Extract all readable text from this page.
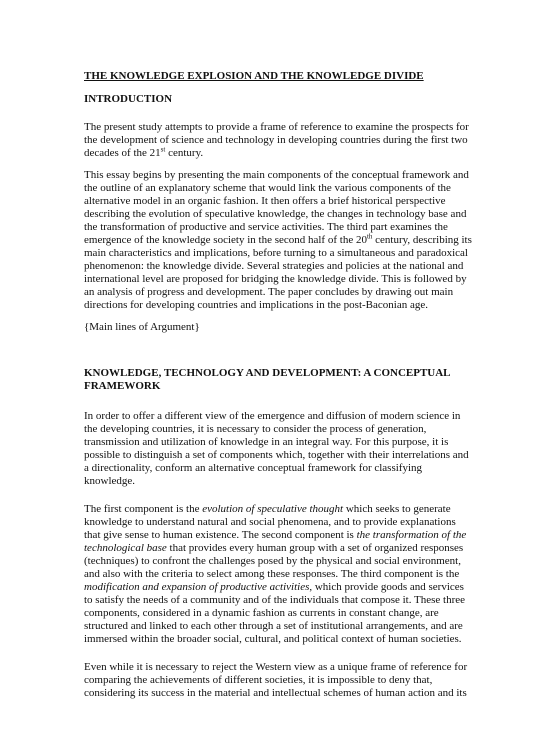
THE KNOWLEDGE EXPLOSION AND THE KNOWLEDGE DIVIDE

INTRODUCTION

The present study attempts to provide a frame of reference to examine the prospects for the development of science and technology in developing countries during the first two decades of the 21st century.

This essay begins by presenting the main components of the conceptual framework and the outline of an explanatory scheme that would link the various components of the alternative model in an organic fashion. It then offers a brief historical perspective describing the evolution of speculative knowledge, the changes in technology base and the transformation of productive and service activities. The third part examines the emergence of the knowledge society in the second half of the 20th century, describing its main characteristics and implications, before turning to a simultaneous and paradoxical phenomenon: the knowledge divide. Several strategies and policies at the national and international level are proposed for bridging the knowledge divide. This is followed by an analysis of progress and development. The paper concludes by drawing out main directions for developing countries and implications in the post-Baconian age.

{Main lines of Argument}

KNOWLEDGE, TECHNOLOGY AND DEVELOPMENT: A CONCEPTUAL FRAMEWORK

In order to offer a different view of the emergence and diffusion of modern science in the developing countries, it is necessary to consider the process of generation, transmission and utilization of knowledge in an integral way. For this purpose, it is possible to distinguish a set of components which, together with their interrelations and a directionality, conform an alternative conceptual framework for classifying knowledge.

The first component is the evolution of speculative thought which seeks to generate knowledge to understand natural and social phenomena, and to provide explanations that give sense to human existence. The second component is the transformation of the technological base that provides every human group with a set of organized responses (techniques) to confront the challenges posed by the physical and social environment, and also with the criteria to select among these responses. The third component is the modification and expansion of productive activities, which provide goods and services to satisfy the needs of a community and of the individuals that compose it. These three components, considered in a dynamic fashion as currents in constant change, are structured and linked to each other through a set of institutional arrangements, and are immersed within the broader social, cultural, and political context of human societies.

Even while it is necessary to reject the Western view as a unique frame of reference for comparing the achievements of different societies, it is impossible to deny that, considering its success in the material and intellectual schemes of human action and its
